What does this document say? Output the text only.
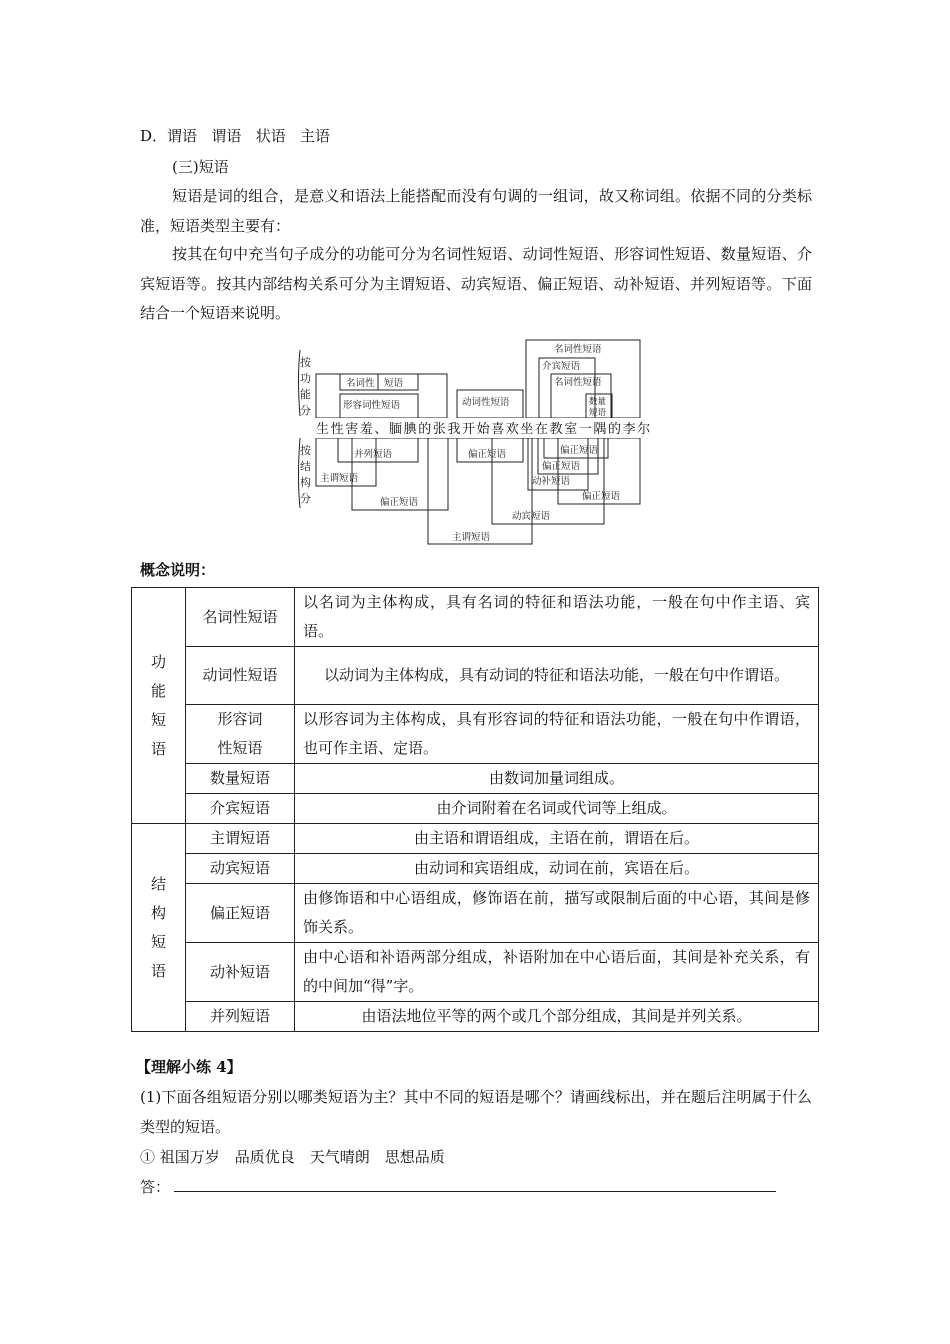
D．谓语 谓语 状语 主语
(三)短语
短语是词的组合，是意义和语法上能搭配而没有句调的一组词，故又称词组。依据不同的分类标准，短语类型主要有：
按其在句中充当句子成分的功能可分为名词性短语、动词性短语、形容词性短语、数量短语、介宾短语等。按其内部结构关系可分为主谓短语、动宾短语、偏正短语、动补短语、并列短语等。下面结合一个短语来说明。
按
功
能
分
按
结
构
分
生 性 害 羞 、 腼 腆 的 张 我 开 始 喜 欢 坐 在 教 室 一 隅 的 李 尔
名词性 短语
形容词性短语	动词性短语
名词性短语
介宾短语
名词性短语
数量
短语
并列短语
主谓短语
偏正短语
偏正短语	偏正短语
偏正短语
动补短语
偏正短语
动宾短语
主谓短语
概念说明：
功
能
短
语	名词性短语	以名词为主体构成，具有名词的特征和语法功能，一般在句中作主语、宾语。
	动词性短语	以动词为主体构成，具有动词的特征和语法功能，一般在句中作谓语。

	形容词
性短语	以形容词为主体构成，具有形容词的特征和语法功能，一般在句中作谓语，也可作主语、定语。
	数量短语	由数词加量词组成。
	介宾短语	由介词附着在名词或代词等上组成。

结
构
短
语	主谓短语	由主语和谓语组成，主语在前，谓语在后。
	动宾短语	由动词和宾语组成，动词在前，宾语在后。
	偏正短语	由修饰语和中心语组成，修饰语在前，描写或限制后面的中心语，其间是修饰关系。
	动补短语	由中心语和补语两部分组成，补语附加在中心语后面，其间是补充关系，有的中间加“得”字。
	并列短语	由语法地位平等的两个或几个部分组成，其间是并列关系。
【理解小练 4】
(1)下面各组短语分别以哪类短语为主？其中不同的短语是哪个？请画线标出，并在题后注明属于什么类型的短语。
① 祖国万岁　品质优良　天气晴朗　思想品质
答：
